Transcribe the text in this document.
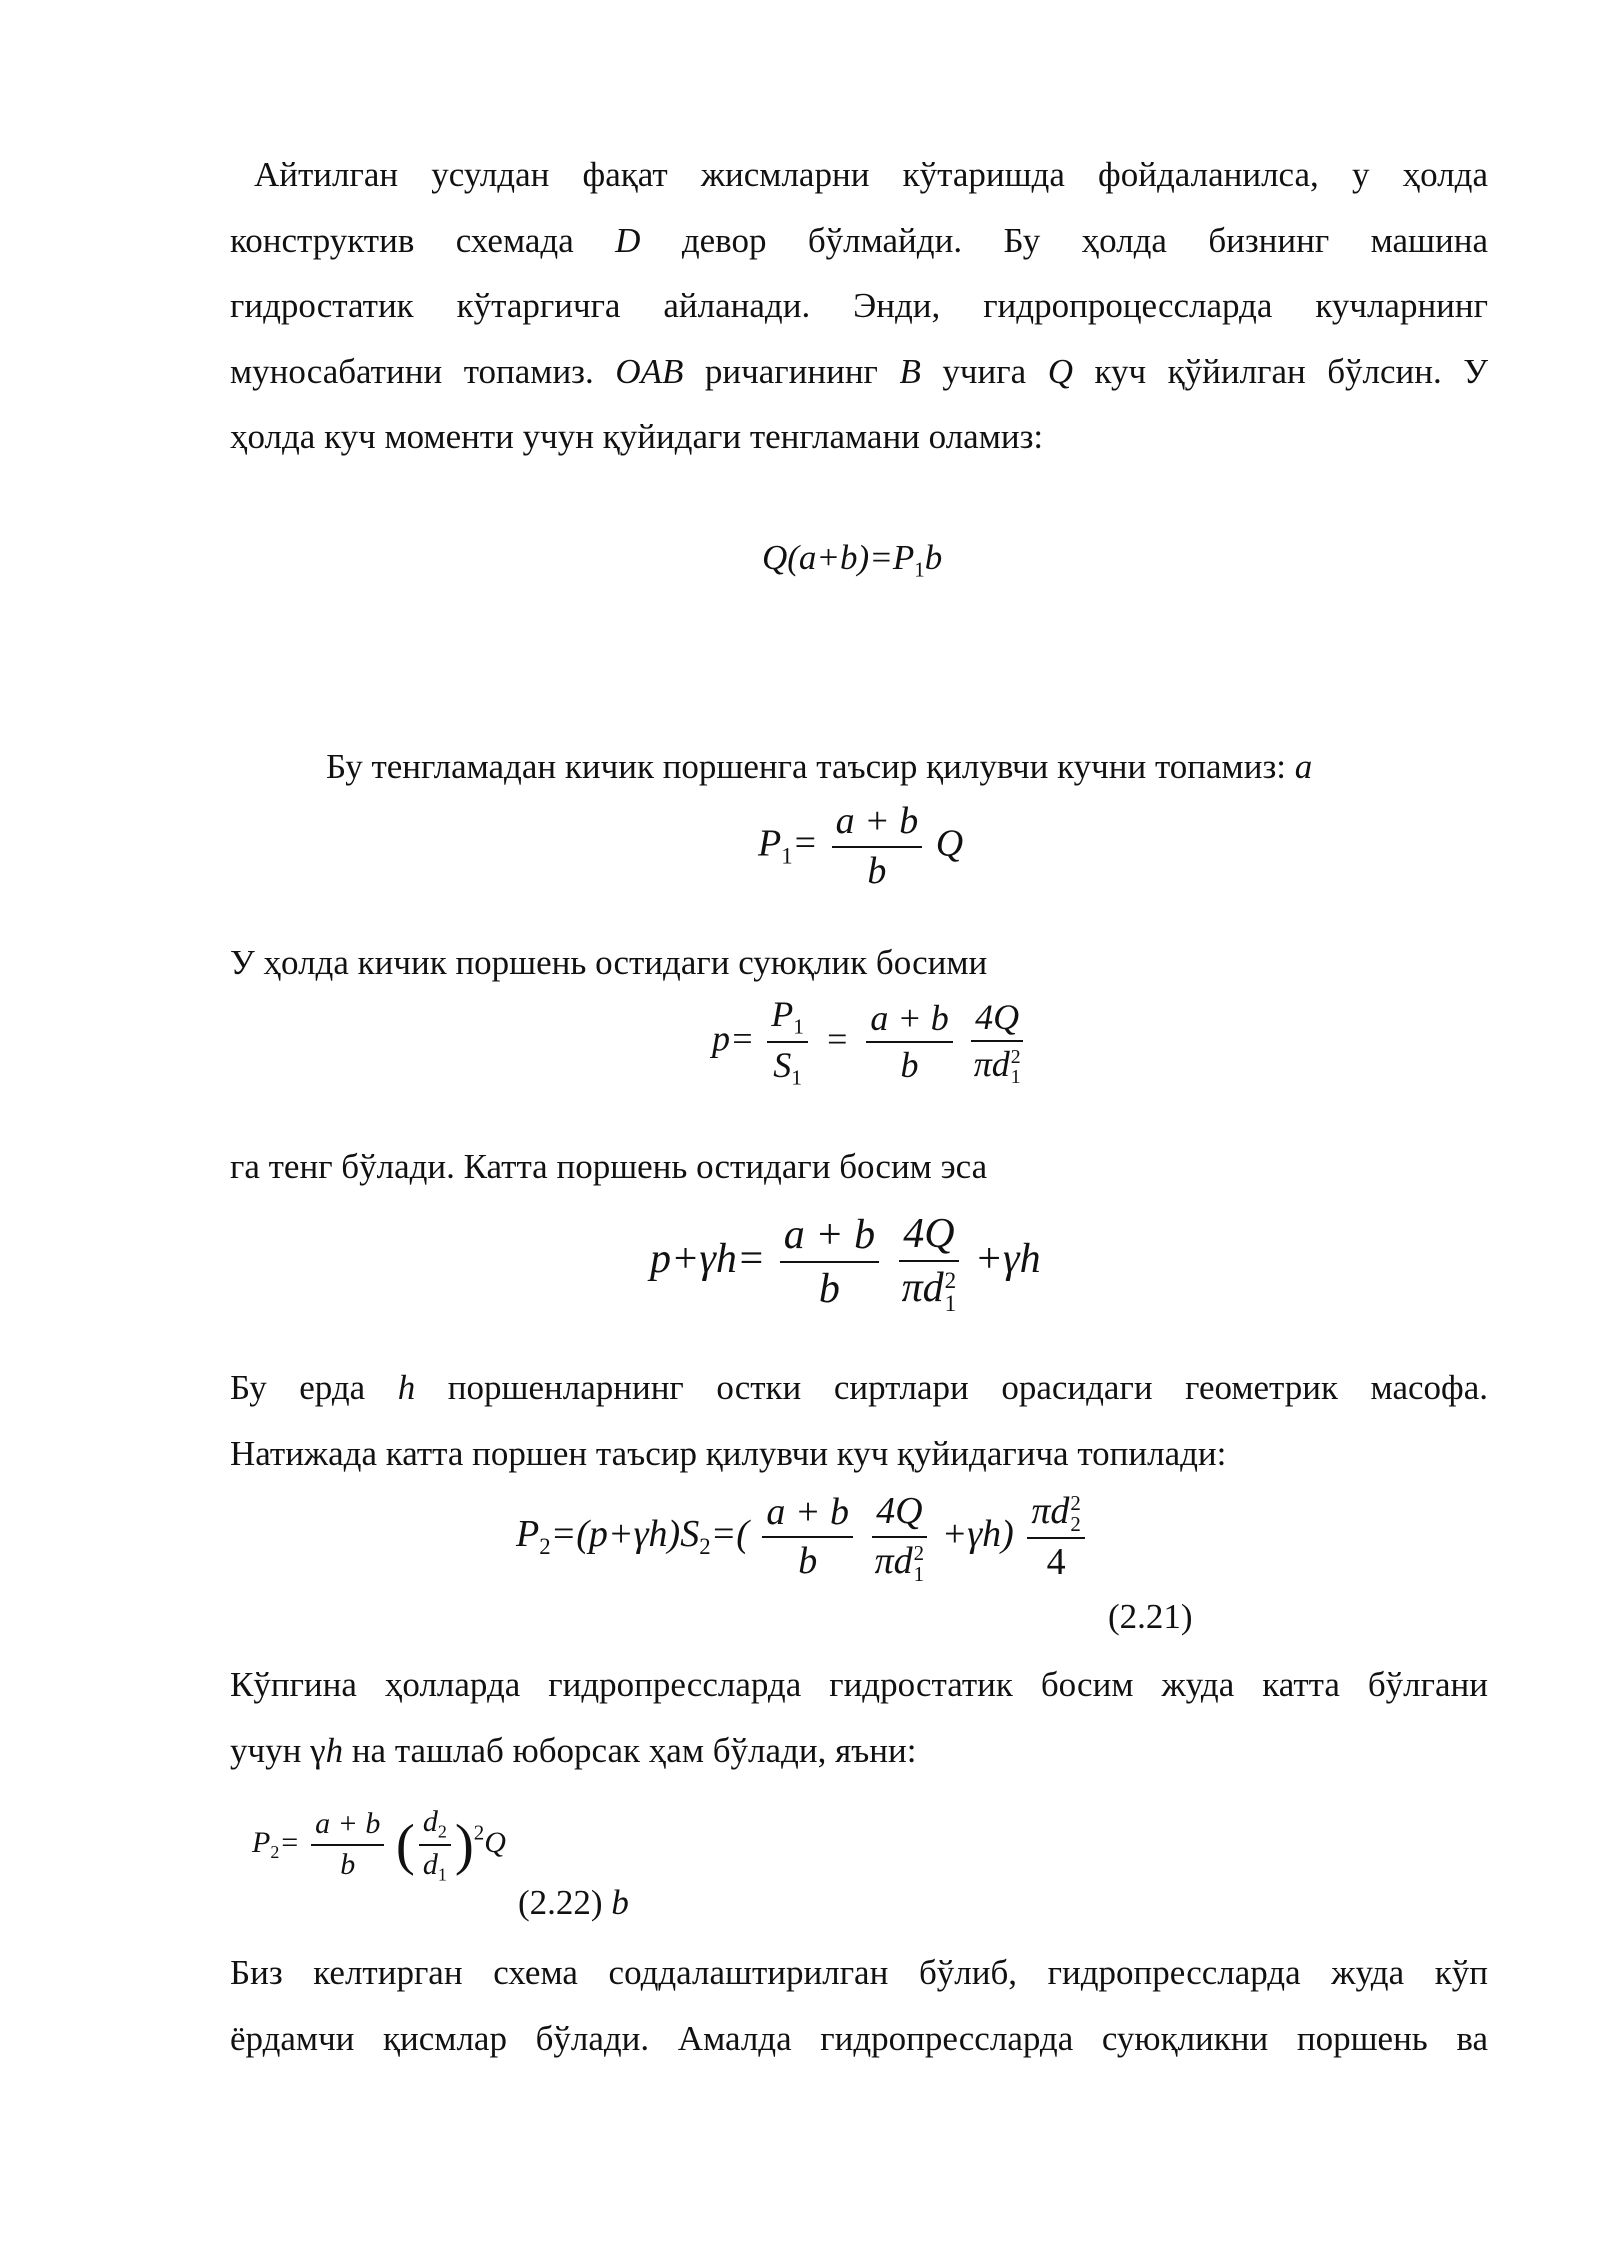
Айтилган усулдан фақат жисмларни кўтаришда фойдаланилса, у ҳолда
конструктив схемада D девор бўлмайди. Бу ҳолда бизнинг машина
гидростатик кўтаргичга айланади. Энди, гидропроцессларда кучларнинг
муносабатини топамиз. OAB ричагининг B учига Q куч қўйилган бўлсин. У
ҳолда куч моменти учун қуйидаги тенгламани оламиз:
$Q(a+b)=P_1b$
Бу тенгламадан кичик поршенга таъсир қилувчи кучни топамиз: a
$P_1= \frac{a + b}{b}$ Q
У ҳолда кичик поршень остидаги суюқлик босими
$p= \frac{P_1}{S_1} = \frac{a + b}{b}$
4Q
πd 2
1
га тенг бўлади. Катта поршень остидаги босим эса
$p+\gamma h= \frac{a + b}{b}$
4Q
πd 2
1 +γh
Бу ерда h поршенларнинг остки сиртлари орасидаги геометрик масофа.
Натижада катта поршен таъсир қилувчи куч қуйидагича топилади:
$P_2=(p+\gamma h)S_2=( \frac{a + b}{b}$
4Q
πd 2
1 +γh) πd 2
2
4
(2.21)
Кўпгина ҳолларда гидропрессларда гидростатик босим жуда катта бўлгани
учун γh на ташлаб юборсак ҳам бўлади, яъни:
$P_2= \frac{a + b}{b}$ ( $\frac{d_2}{d_1} )^2Q$
(2.22) b
Биз келтирган схема соддалаштирилган бўлиб, гидропрессларда жуда кўп
ёрдамчи қисмлар бўлади. Амалда гидропрессларда суюқликни поршень ва
